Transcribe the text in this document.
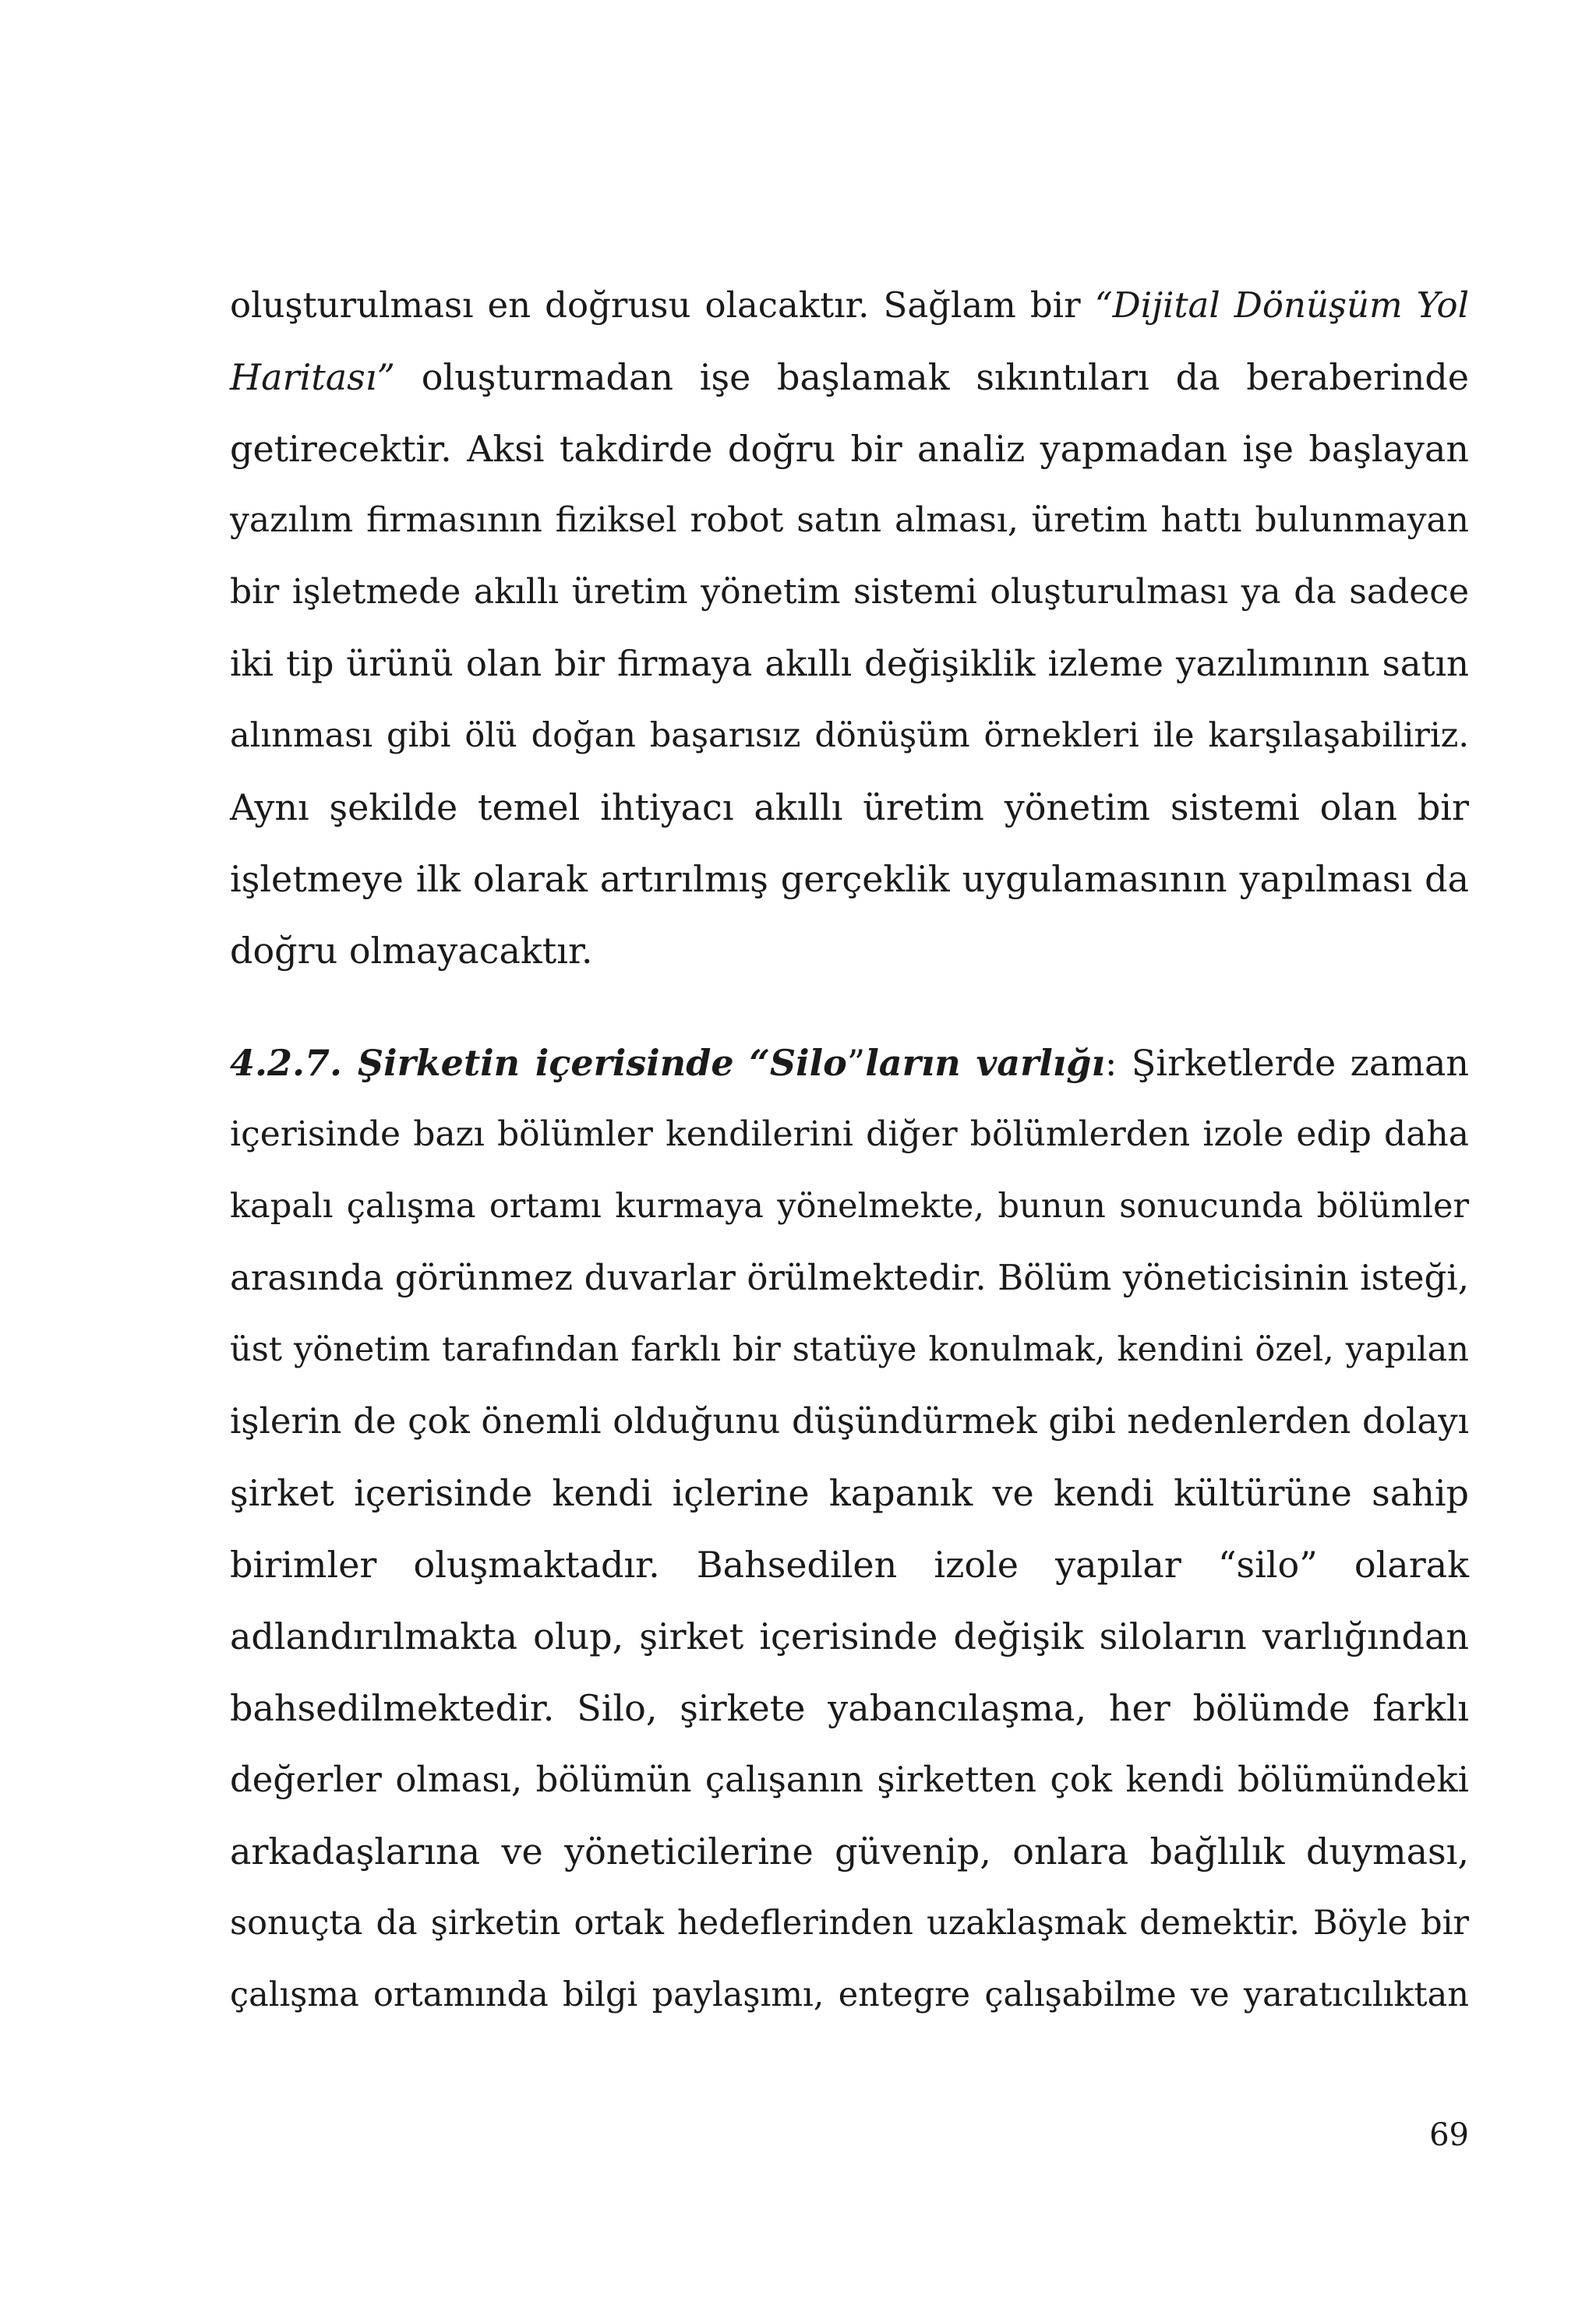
oluşturulması en doğrusu olacaktır. Sağlam bir “Dijital Dönüşüm Yol
Haritası” oluşturmadan işe başlamak sıkıntıları da beraberinde
getirecektir. Aksi takdirde doğru bir analiz yapmadan işe başlayan
yazılım firmasının fiziksel robot satın alması, üretim hattı bulunmayan
bir işletmede akıllı üretim yönetim sistemi oluşturulması ya da sadece
iki tip ürünü olan bir firmaya akıllı değişiklik izleme yazılımının satın
alınması gibi ölü doğan başarısız dönüşüm örnekleri ile karşılaşabiliriz.
Aynı şekilde temel ihtiyacı akıllı üretim yönetim sistemi olan bir
işletmeye ilk olarak artırılmış gerçeklik uygulamasının yapılması da
doğru olmayacaktır.
4.2.7. Şirketin içerisinde “Silo”ların varlığı: Şirketlerde zaman
içerisinde bazı bölümler kendilerini diğer bölümlerden izole edip daha
kapalı çalışma ortamı kurmaya yönelmekte, bunun sonucunda bölümler
arasında görünmez duvarlar örülmektedir. Bölüm yöneticisinin isteği,
üst yönetim tarafından farklı bir statüye konulmak, kendini özel, yapılan
işlerin de çok önemli olduğunu düşündürmek gibi nedenlerden dolayı
şirket içerisinde kendi içlerine kapanık ve kendi kültürüne sahip
birimler oluşmaktadır. Bahsedilen izole yapılar “silo” olarak
adlandırılmakta olup, şirket içerisinde değişik siloların varlığından
bahsedilmektedir. Silo, şirkete yabancılaşma, her bölümde farklı
değerler olması, bölümün çalışanın şirketten çok kendi bölümündeki
arkadaşlarına ve yöneticilerine güvenip, onlara bağlılık duyması,
sonuçta da şirketin ortak hedeflerinden uzaklaşmak demektir. Böyle bir
çalışma ortamında bilgi paylaşımı, entegre çalışabilme ve yaratıcılıktan
69
